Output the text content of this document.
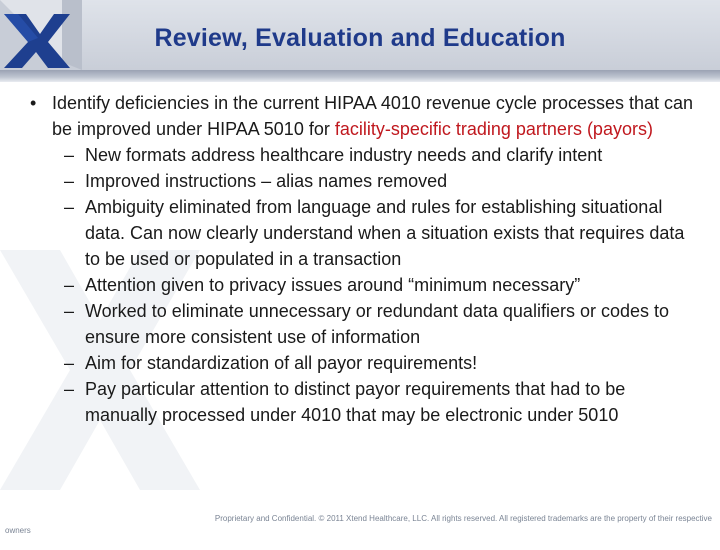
Review, Evaluation and Education

• Identify deficiencies in the current HIPAA 4010 revenue cycle processes that can be improved under HIPAA 5010 for facility-specific trading partners (payors)

– New formats address healthcare industry needs and clarify intent
– Improved instructions – alias names removed
– Ambiguity eliminated from language and rules for establishing situational data. Can now clearly understand when a situation exists that requires data to be used or populated in a transaction
– Attention given to privacy issues around “minimum necessary”
– Worked to eliminate unnecessary or redundant data qualifiers or codes to ensure more consistent use of information
– Aim for standardization of all payor requirements!
– Pay particular attention to distinct payor requirements that had to be manually processed under 4010 that may be electronic under 5010
Proprietary and Confidential. © 2011 Xtend Healthcare, LLC. All rights reserved. All registered trademarks are the property of their respective
owners
